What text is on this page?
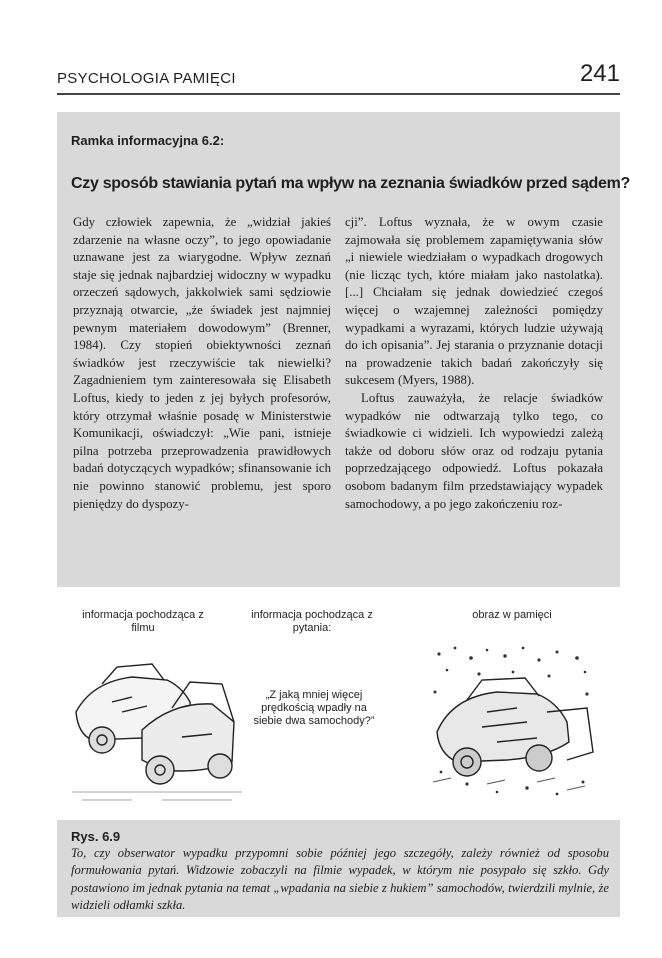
PSYCHOLOGIA PAMIĘCI	241
Ramka informacyjna 6.2:
Czy sposób stawiania pytań ma wpływ na zeznania świadków przed sądem?

Gdy człowiek zapewnia, że „widział jakieś zdarzenie na własne oczy”, to jego opowiadanie uznawane jest za wiarygodne. Wpływ zeznań staje się jednak najbardziej widoczny w wypadku orzeczeń sądowych, jakkolwiek sami sędziowie przyznają otwarcie, „że świadek jest najmniej pewnym materiałem dowodowym” (Brenner, 1984). Czy stopień obiektywności zeznań świadków jest rzeczywiście tak niewielki? Zagadnieniem tym zainteresowała się Elisabeth Loftus, kiedy to jeden z jej byłych profesorów, który otrzymał właśnie posadę w Ministerstwie Komunikacji, oświadczył: „Wie pani, istnieje pilna potrzeba przeprowadzenia prawidłowych badań dotyczących wypadków; sfinansowanie ich nie powinno stanowić problemu, jest sporo pieniędzy do dyspozy-

cji”. Loftus wyznała, że w owym czasie zajmowała się problemem zapamiętywania słów „i niewiele wiedziałam o wypadkach drogowych (nie licząc tych, które miałam jako nastolatka).[...] Chciałam się jednak dowiedzieć czegoś więcej o wzajemnej zależności pomiędzy wypadkami a wyrazami, których ludzie używają do ich opisania”. Jej starania o przyznanie dotacji na prowadzenie takich badań zakończyły się sukcesem (Myers, 1988).

Loftus zauważyła, że relacje świadków wypadków nie odtwarzają tylko tego, co świadkowie ci widzieli. Ich wypowiedzi zależą także od doboru słów oraz od rodzaju pytania poprzedzającego odpowiedź. Loftus pokazała osobom badanym film przedstawiający wypadek samochodowy, a po jego zakończeniu roz-

informacja pochodząca z filmu
informacja pochodząca z pytania:
obraz w pamięci
„Z jaką mniej więcej prędkością wpadły na siebie dwa samochody?”
Rys. 6.9
To, czy obserwator wypadku przypomni sobie później jego szczegóły, zależy również od sposobu formułowania pytań. Widzowie zobaczyli na filmie wypadek, w którym nie posypało się szkło. Gdy postawiono im jednak pytania na temat „wpadania na siebie z hukiem” samochodów, twierdzili mylnie, że widzieli odłamki szkła.
